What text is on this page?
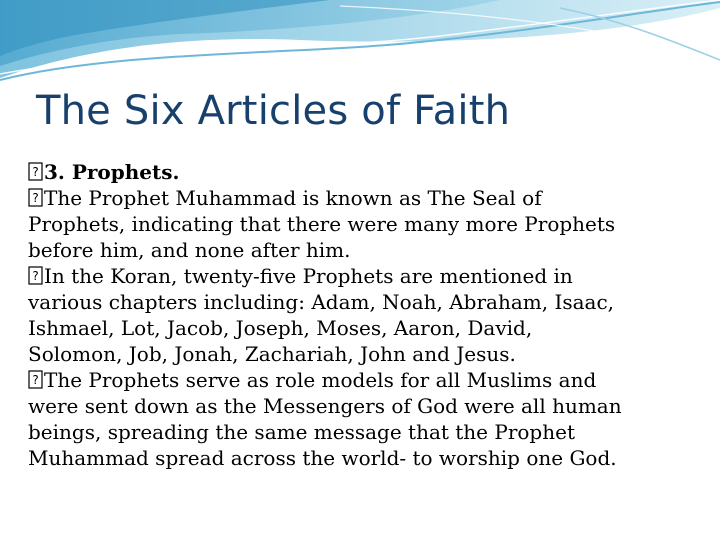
The Six Articles of Faith

? 3. Prophets.

? The Prophet Muhammad is known as The Seal of
Prophets, indicating that there were many more Prophets
before him, and none after him.

? In the Koran, twenty-five Prophets are mentioned in
various chapters including: Adam, Noah, Abraham, Isaac,
Ishmael, Lot, Jacob, Joseph, Moses, Aaron, David,
Solomon, Job, Jonah, Zachariah, John and Jesus.

? The Prophets serve as role models for all Muslims and
were sent down as the Messengers of God were all human
beings, spreading the same message that the Prophet
Muhammad spread across the world- to worship one God.
